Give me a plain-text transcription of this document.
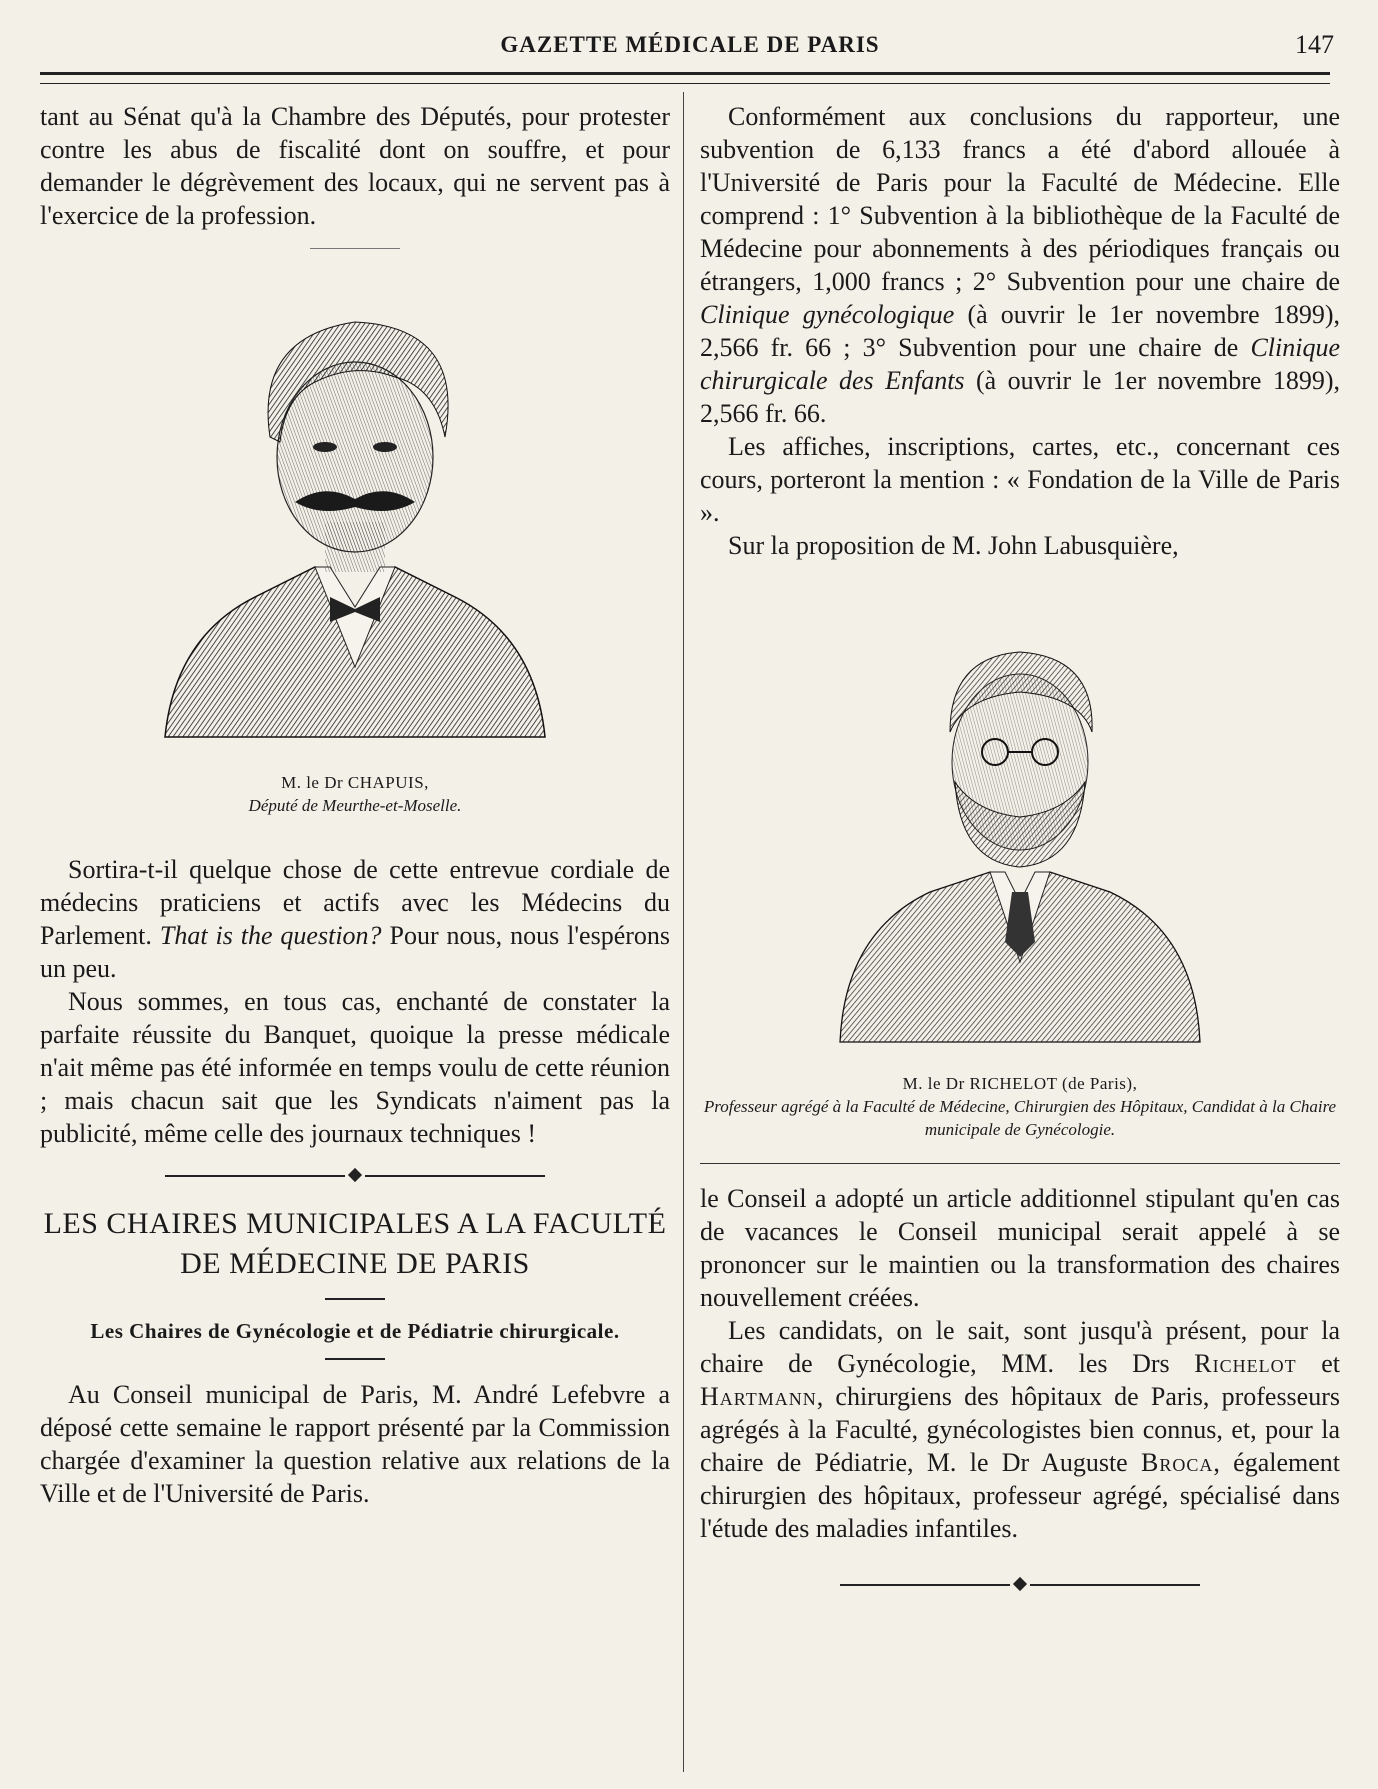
GAZETTE MÉDICALE DE PARIS	147

tant au Sénat qu'à la Chambre des Députés, pour protester contre les abus de fiscalité dont on souffre, et pour demander le dégrèvement des locaux, qui ne servent pas à l'exercice de la profession.

M. le Dr CHAPUIS,
Député de Meurthe-et-Moselle.

Sortira-t-il quelque chose de cette entrevue cordiale de médecins praticiens et actifs avec les Médecins du Parlement. That is the question? Pour nous, nous l'espérons un peu.

Nous sommes, en tous cas, enchanté de constater la parfaite réussite du Banquet, quoique la presse médicale n'ait même pas été informée en temps voulu de cette réunion ; mais chacun sait que les Syndicats n'aiment pas la publicité, même celle des journaux techniques !

LES CHAIRES MUNICIPALES A LA FACULTÉ
DE MÉDECINE DE PARIS
Les Chaires de Gynécologie et de Pédiatrie chirurgicale.

Au Conseil municipal de Paris, M. André Lefebvre a déposé cette semaine le rapport présenté par la Commission chargée d'examiner la question relative aux relations de la Ville et de l'Université de Paris.

Conformément aux conclusions du rapporteur, une subvention de 6,133 francs a été d'abord allouée à l'Université de Paris pour la Faculté de Médecine. Elle comprend : 1° Subvention à la bibliothèque de la Faculté de Médecine pour abonnements à des périodiques français ou étrangers, 1,000 francs ; 2° Subvention pour une chaire de Clinique gynécologique (à ouvrir le 1er novembre 1899), 2,566 fr. 66 ; 3° Subvention pour une chaire de Clinique chirurgicale des Enfants (à ouvrir le 1er novembre 1899), 2,566 fr. 66.

Les affiches, inscriptions, cartes, etc., concernant ces cours, porteront la mention : « Fondation de la Ville de Paris ».

Sur la proposition de M. John Labusquière,

M. le Dr RICHELOT (de Paris),
Professeur agrégé à la Faculté de Médecine, Chirurgien des Hôpitaux, Candidat à la Chaire municipale de Gynécologie.

le Conseil a adopté un article additionnel stipulant qu'en cas de vacances le Conseil municipal serait appelé à se prononcer sur le maintien ou la transformation des chaires nouvellement créées.

Les candidats, on le sait, sont jusqu'à présent, pour la chaire de Gynécologie, MM. les Drs Richelot et Hartmann, chirurgiens des hôpitaux de Paris, professeurs agrégés à la Faculté, gynécologistes bien connus, et, pour la chaire de Pédiatrie, M. le Dr Auguste Broca, également chirurgien des hôpitaux, professeur agrégé, spécialisé dans l'étude des maladies infantiles.
